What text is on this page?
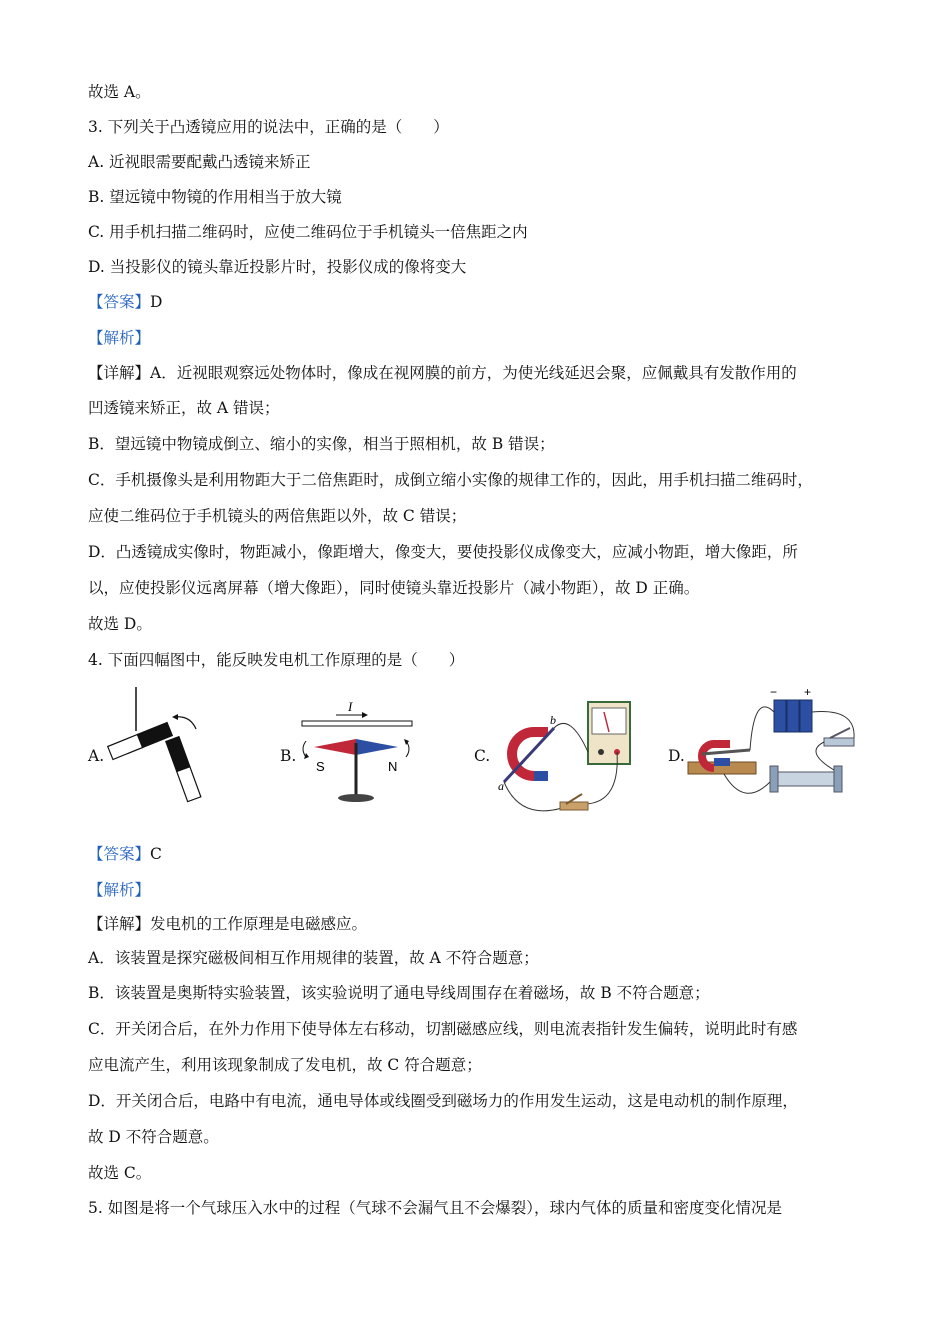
故选 A。
3. 下列关于凸透镜应用的说法中，正确的是（　　）
A. 近视眼需要配戴凸透镜来矫正
B. 望远镜中物镜的作用相当于放大镜
C. 用手机扫描二维码时，应使二维码位于手机镜头一倍焦距之内
D. 当投影仪的镜头靠近投影片时，投影仪成的像将变大
【答案】D
【解析】
【详解】A．近视眼观察远处物体时，像成在视网膜的前方，为使光线延迟会聚，应佩戴具有发散作用的
凹透镜来矫正，故 A 错误；
B．望远镜中物镜成倒立、缩小的实像，相当于照相机，故 B 错误；
C．手机摄像头是利用物距大于二倍焦距时，成倒立缩小实像的规律工作的，因此，用手机扫描二维码时，
应使二维码位于手机镜头的两倍焦距以外，故 C 错误；
D．凸透镜成实像时，物距减小，像距增大，像变大，要使投影仪成像变大，应减小物距，增大像距，所
以，应使投影仪远离屏幕（增大像距），同时使镜头靠近投影片（减小物距），故 D 正确。
故选 D。
4. 下面四幅图中，能反映发电机工作原理的是（　　）
A.	B.
I
S	N
C.
a
b
D.
− +
【答案】C
【解析】
【详解】发电机的工作原理是电磁感应。
A．该装置是探究磁极间相互作用规律的装置，故 A 不符合题意；
B．该装置是奥斯特实验装置，该实验说明了通电导线周围存在着磁场，故 B 不符合题意；
C．开关闭合后，在外力作用下使导体左右移动，切割磁感应线，则电流表指针发生偏转，说明此时有感
应电流产生，利用该现象制成了发电机，故 C 符合题意；
D．开关闭合后，电路中有电流，通电导体或线圈受到磁场力的作用发生运动，这是电动机的制作原理，
故 D 不符合题意。
故选 C。
5. 如图是将一个气球压入水中的过程（气球不会漏气且不会爆裂），球内气体的质量和密度变化情况是
